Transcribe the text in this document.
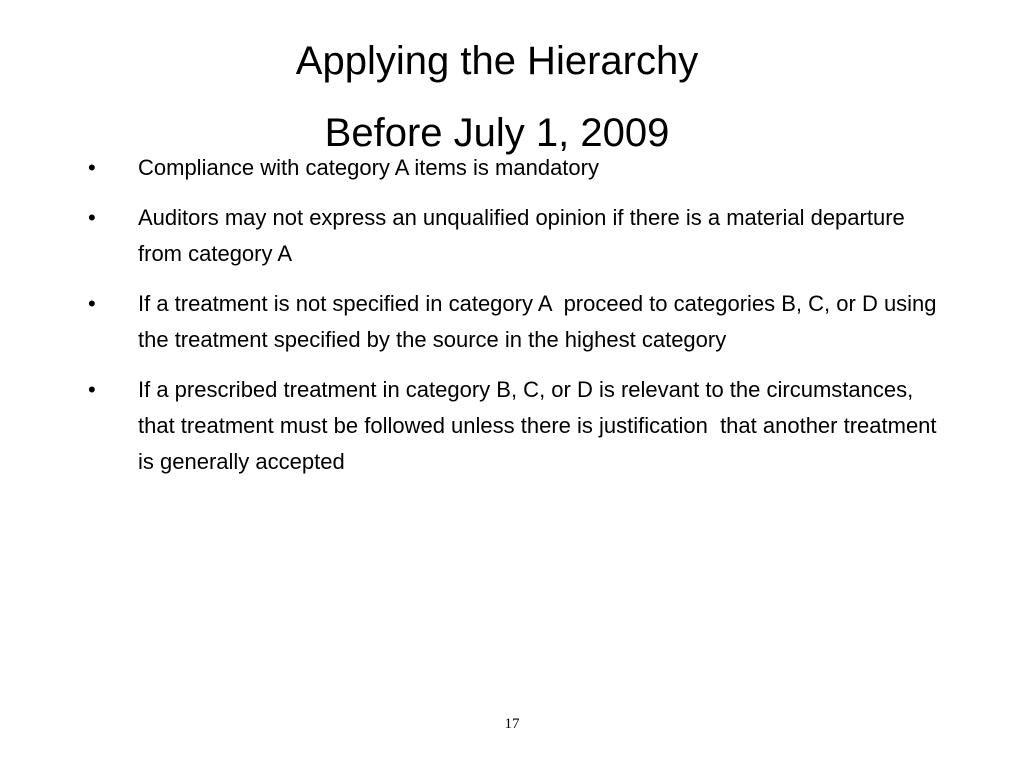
Applying the Hierarchy
Before July 1, 2009
• Compliance with category A items is mandatory
• Auditors may not express an unqualified opinion if there is a material departure from category A
• If a treatment is not specified in category A  proceed to categories B, C, or D using the treatment specified by the source in the highest category
• If a prescribed treatment in category B, C, or D is relevant to the circumstances, that treatment must be followed unless there is justification  that another treatment is generally accepted
17
